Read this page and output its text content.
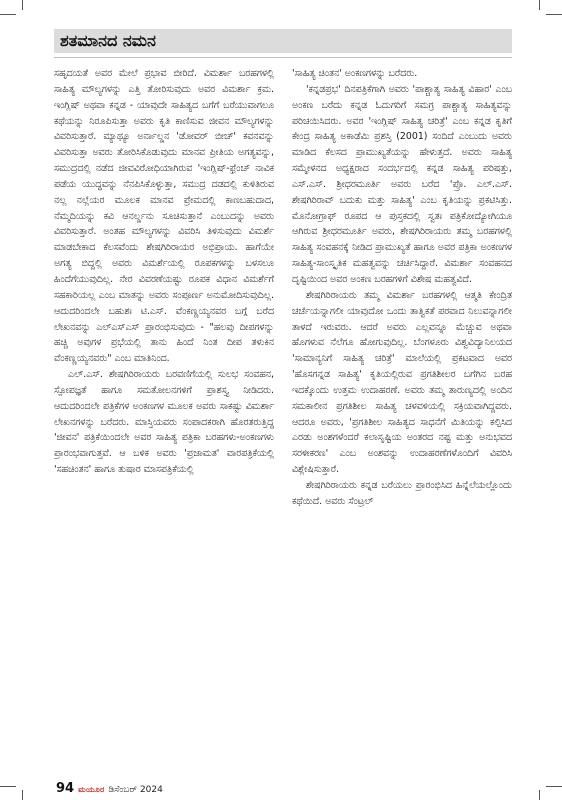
ಶತಮಾನದ ನಮನ

ಸಹೃದಯತೆ ಅವರ ಮೇಲೆ ಪ್ರಭಾವ ಬೀರಿದೆ. ವಿಮರ್ಶಾ ಬರಹಗಳಲ್ಲಿ ಸಾಹಿತ್ಯ ಮೌಲ್ಯಗಳನ್ನು ಎತ್ತಿ ತೋರಿಸುವುದು ಅವರ ವಿಮರ್ಶಾ ಕ್ರಮ. ಇಂಗ್ಲಿಷ್ ಅಥವಾ ಕನ್ನಡ - ಯಾವುದೇ ಸಾಹಿತ್ಯದ ಬಗೆಗೆ ಬರೆಯುವಾಗಲೂ ಕಥೆಯನ್ನು ನಿರೂಪಿಸುತ್ತಾ ಅವರು ಕೃತಿ ಕಾಣಿಸುವ ಜೀವನ ಮೌಲ್ಯಗಳನ್ನು ವಿವರಿಸುತ್ತಾರೆ. ಮ್ಯಾಥ್ಯೂ ಅರ್ನಾಲ್ಡನ 'ಡೋವರ್ ಬೀಚ್' ಕವನವನ್ನು ವಿವರಿಸುತ್ತಾ ಅವರು ತೋರಿಸಿಕೊಡುವುದು ಮಾನವ ಪ್ರೀತಿಯ ಅಗತ್ಯವನ್ನು, ಸಮುದ್ರದಲ್ಲಿ ನಡೆದ ಜೀವವಿರೋಧಿಯಾಗಿರುವ 'ಇಂಗ್ಲಿಷ್-ಫ್ರೆಂಚ್ ನಾವಿಕ ಪಡೆಯ ಯುದ್ಧವನ್ನು ನೆನಪಿಸಿಕೊಳ್ಳುತ್ತಾ, ಸಮುದ್ರ ದಡದಲ್ಲಿ ಕುಳಿತಿರುವ ನಲ್ಲ ನಲ್ಲೆಯರ ಮೂಲಕ ಮಾನವ ಪ್ರೇಮದಲ್ಲಿ ಕಾಣಬಹುದಾದ, ನೆಮ್ಮದಿಯನ್ನು ಕವಿ ಆನರ್ಲ್ಡನು ಸೂಚಿಸುತ್ತಾನೆ ಎಂಬುದನ್ನು ಅವರು ವಿವರಿಸುತ್ತಾರೆ. ಅಂತಹ ಮೌಲ್ಯಗಳನ್ನು ವಿವರಿಸಿ ತಿಳಿಸುವುದು ವಿಮರ್ಶೆ ಮಾಡಬೇಕಾದ ಕೆಲಸವೆಂದು ಶೇಷಗಿರಿರಾಯರ ಅಭಿಪ್ರಾಯ. ಹಾಗೆಯೇ ಅಗತ್ಯ ಬಿದ್ದಲ್ಲಿ ಅವರು ವಿಮರ್ಶೆಯಲ್ಲಿ ರೂಪಕಗಳನ್ನು ಬಳಸಲೂ ಹಿಂದೆಗೆಯುವುದಿಲ್ಲ. ನೇರ ವಿವರಣೆಯಷ್ಟು ರೂಪಕ ವಿಧಾನ ವಿಮರ್ಶೆಗೆ ಸಹಕಾರಿಯಲ್ಲ ಎಂಬ ಮಾತನ್ನು ಅವರು ಸಂಪೂರ್ಣ ಅನುಮೋದಿಸುವುದಿಲ್ಲ. ಆದುದರಿಂದಲೇ ಬಹುಶಃ ಟಿ.ಎಸ್. ವೆಂಕಣ್ಣಯ್ಯನವರ ಬಗ್ಗೆ ಬರೆದ ಲೇಖನವನ್ನು ಎಲ್‌ಎಸ್‌ಎಸ್ ಪ್ರಾರಂಭಿಸುವುದು - "ಹಲವು ದೀಪಗಳನ್ನು ಹಚ್ಚಿ ಅವುಗಳ ಪ್ರಭೆಯಲ್ಲಿ ತಾನು ಹಿಂದೆ ನಿಂತ ದೀಪ ತಳುಕಿನ ವೆಂಕಣ್ಣಯ್ಯನವರು" ಎಂಬ ಮಾತಿನಿಂದ.

ಎಲ್.ಎಸ್. ಶೇಷಗಿರಿರಾಯರು ಬರವಣಿಗೆಯಲ್ಲಿ ಸುಲಭ ಸಂವಹನ, ಸ್ಪೋಪಜ್ಞತೆ ಹಾಗೂ ಸಮತೋಲನಗಳಿಗೆ ಪ್ರಾಶಸ್ತ್ಯ ನೀಡಿದರು. ಆದುದರಿಂದಲೇ ಪತ್ರಿಕೆಗಳ ಅಂಕಣಗಳ ಮೂಲಕ ಅವರು ಸಾಕಷ್ಟು ವಿಮರ್ಶಾ ಲೇಖನಗಳನ್ನು ಬರೆದರು. ಮಾಸ್ತಿಯವರು ಸಂಪಾದಕರಾಗಿ ಹೊರತರುತ್ತಿದ್ದ 'ಜೀವನ' ಪತ್ರಿಕೆಯಿಂದಲೇ ಅವರ ಸಾಹಿತ್ಯ ಪತ್ರಿಕಾ ಬರಹಗಳು-ಅಂಕಣಗಳು ಪ್ರಾರಂಭವಾಗುತ್ತವೆ. ಆ ಬಳಿಕ ಅವರು 'ಪ್ರಜಾಮತ' ವಾರಪತ್ರಿಕೆಯಲ್ಲಿ 'ಸಹಚಿಂತನ' ಹಾಗೂ ತುಷಾರ ಮಾಸಪತ್ರಿಕೆಯಲ್ಲಿ

'ಸಾಹಿತ್ಯ ಚಿಂತನ' ಅಂಕಣಗಳನ್ನು ಬರೆದರು.

'ಕನ್ನಡಪ್ರಭ' ದಿನಪತ್ರಿಕೆಗಾಗಿ ಅವರು 'ಪಾಶ್ಚಾತ್ಯ ಸಾಹಿತ್ಯ ವಿಹಾರ' ಎಂಬ ಅಂಕಣ ಬರೆದು ಕನ್ನಡ ಓದುಗರಿಗೆ ಸಮಗ್ರ ಪಾಶ್ಚಾತ್ಯ ಸಾಹಿತ್ಯವನ್ನು ಪರಿಚಯಿಸಿದರು. ಅವರ 'ಇಂಗ್ಲಿಷ್ ಸಾಹಿತ್ಯ ಚರಿತ್ರೆ' ಎಂಬ ಕನ್ನಡ ಕೃತಿಗೆ ಕೇಂದ್ರ ಸಾಹಿತ್ಯ ಅಕಾಡೆಮಿ ಪ್ರಶಸ್ತಿ (2001) ಸಂದಿದೆ ಎಂಬುದು ಅವರು ಮಾಡಿದ ಕೆಲಸದ ಪ್ರಾಮುಖ್ಯತೆಯನ್ನು ಹೇಳುತ್ತದೆ. ಅವರು ಸಾಹಿತ್ಯ ಸಮ್ಮೇಳನದ ಅಧ್ಯಕ್ಷರಾದ ಸಂದರ್ಭದಲ್ಲಿ ಕನ್ನಡ ಸಾಹಿತ್ಯ ಪರಿಷತ್ತು, ಎಸ್.ಎಸ್. ಶ್ರೀಧರಮೂರ್ತಿ ಅವರು ಬರೆದ 'ಪ್ರೊ. ಎಲ್.ಎಸ್. ಶೇಷಗಿರಿರಾವ್ ಬದುಕು ಮತ್ತು ಸಾಹಿತ್ಯ' ಎಂಬ ಕೃತಿಯನ್ನು ಪ್ರಕಟಿಸಿತ್ತು. ಮೊನೋಗ್ರಾಫ್ ರೂಪದ ಆ ಪುಸ್ತಕದಲ್ಲಿ ಸ್ವತಃ ಪತ್ರಿಕೋದ್ಯೋಗಿಯೂ ಆಗಿರುವ ಶ್ರೀಧರಮೂರ್ತಿ ಅವರು, ಶೇಷಗಿರಿರಾಯರು ತಮ್ಮ ಬರಹಗಳಲ್ಲಿ ಸಾಹಿತ್ಯ ಸಂವಹನಕ್ಕೆ ನೀಡಿದ ಪ್ರಾಮುಖ್ಯತೆ ಹಾಗೂ ಅವರ ಪತ್ರಿಕಾ ಅಂಕಣಗಳ ಸಾಹಿತ್ಯ-ಸಾಂಸ್ಕೃತಿಕ ಮಹತ್ವವನ್ನು ಚರ್ಚಿಸಿದ್ದಾರೆ. ವಿಮರ್ಶಾ ಸಂವಹನದ ದೃಷ್ಟಿಯಿಂದ ಅವರ ಅಂಕಣ ಬರಹಗಳಿಗೆ ವಿಶೇಷ ಮಹತ್ವವಿದೆ.

ಶೇಷಗಿರಿರಾಯರು ತಮ್ಮ ವಿಮರ್ಶಾ ಬರಹಗಳಲ್ಲಿ ಆತ್ಮತಿ ಕೇಂದ್ರಿತ ಚರ್ಚೆಯನ್ನಾಗಲೀ ಯಾವುದೋ ಒಂದು ತಾತ್ವಿಕತೆ ಪರವಾದ ನಿಲುವನ್ನಾಗಲೀ ತಾಳದೆ ಇರುವರು. ಆದರೆ ಅವರು ಎಲ್ಲವನ್ನೂ ಮೆಚ್ಚುವ ಅಥವಾ ಹೊಗಳುವ ನೆಲೆಗೂ ಹೋಗುವುದಿಲ್ಲ. ಬೆಂಗಳೂರು ವಿಶ್ವವಿದ್ಯಾನಿಲಯದ 'ಸಾಮಾನ್ಯನಿಗೆ ಸಾಹಿತ್ಯ ಚರಿತ್ರೆ' ಮಾಲೆಯಲ್ಲಿ ಪ್ರಕಟವಾದ ಅವರ 'ಹೊಸಗನ್ನಡ ಸಾಹಿತ್ಯ' ಕೃತಿಯಲ್ಲಿರುವ ಪ್ರಗತಿಶೀಲರ ಬಗೆಗಿನ ಬರಹ ಇದಕ್ಕೊಂದು ಉತ್ತಮ ಉದಾಹರಣೆ. ಅವರು ತಮ್ಮ ತಾರುಣ್ಯದಲ್ಲಿ ಅಂದಿನ ಸಮಕಾಲೀನ ಪ್ರಗತಿಶೀಲ ಸಾಹಿತ್ಯ ಚಳವಳಿಯಲ್ಲಿ ಸಕ್ರಿಯವಾಗಿದ್ದವರು. ಆದರೂ ಅವರು, 'ಪ್ರಗತಿಶೀಲ ಸಾಹಿತ್ಯದ ಸಾಧನೆಗೆ ಮಿತಿಯನ್ನು ಕಲ್ಪಿಸಿದ ಎರಡು ಅಂಶಗಳೆಂದರೆ ಕಲಾಸೃಷ್ಟಿಯ ಅಂತರದ ನಷ್ಟ ಮತ್ತು ಅನುಭವದ ಸರಳೀಕರಣ' ಎಂಬ ಅಂಶವನ್ನು ಉದಾಹರಣೆಗಳೊಂದಿಗೆ ವಿವರಿಸಿ ವಿಶ್ಲೇಷಿಸುತ್ತಾರೆ.

ಶೇಷಗಿರಿರಾಯರು ಕನ್ನಡ ಬರೆಯಲು ಪ್ರಾರಂಭಿಸಿದ ಹಿನ್ನೆಲೆಯಲ್ಲೊಂದು ಕಥೆಯಿದೆ. ಅವರು ಸೆಂಟ್ರಲ್

94 ಮಯೂರ ಡಿಸೆಂಬರ್ 2024
